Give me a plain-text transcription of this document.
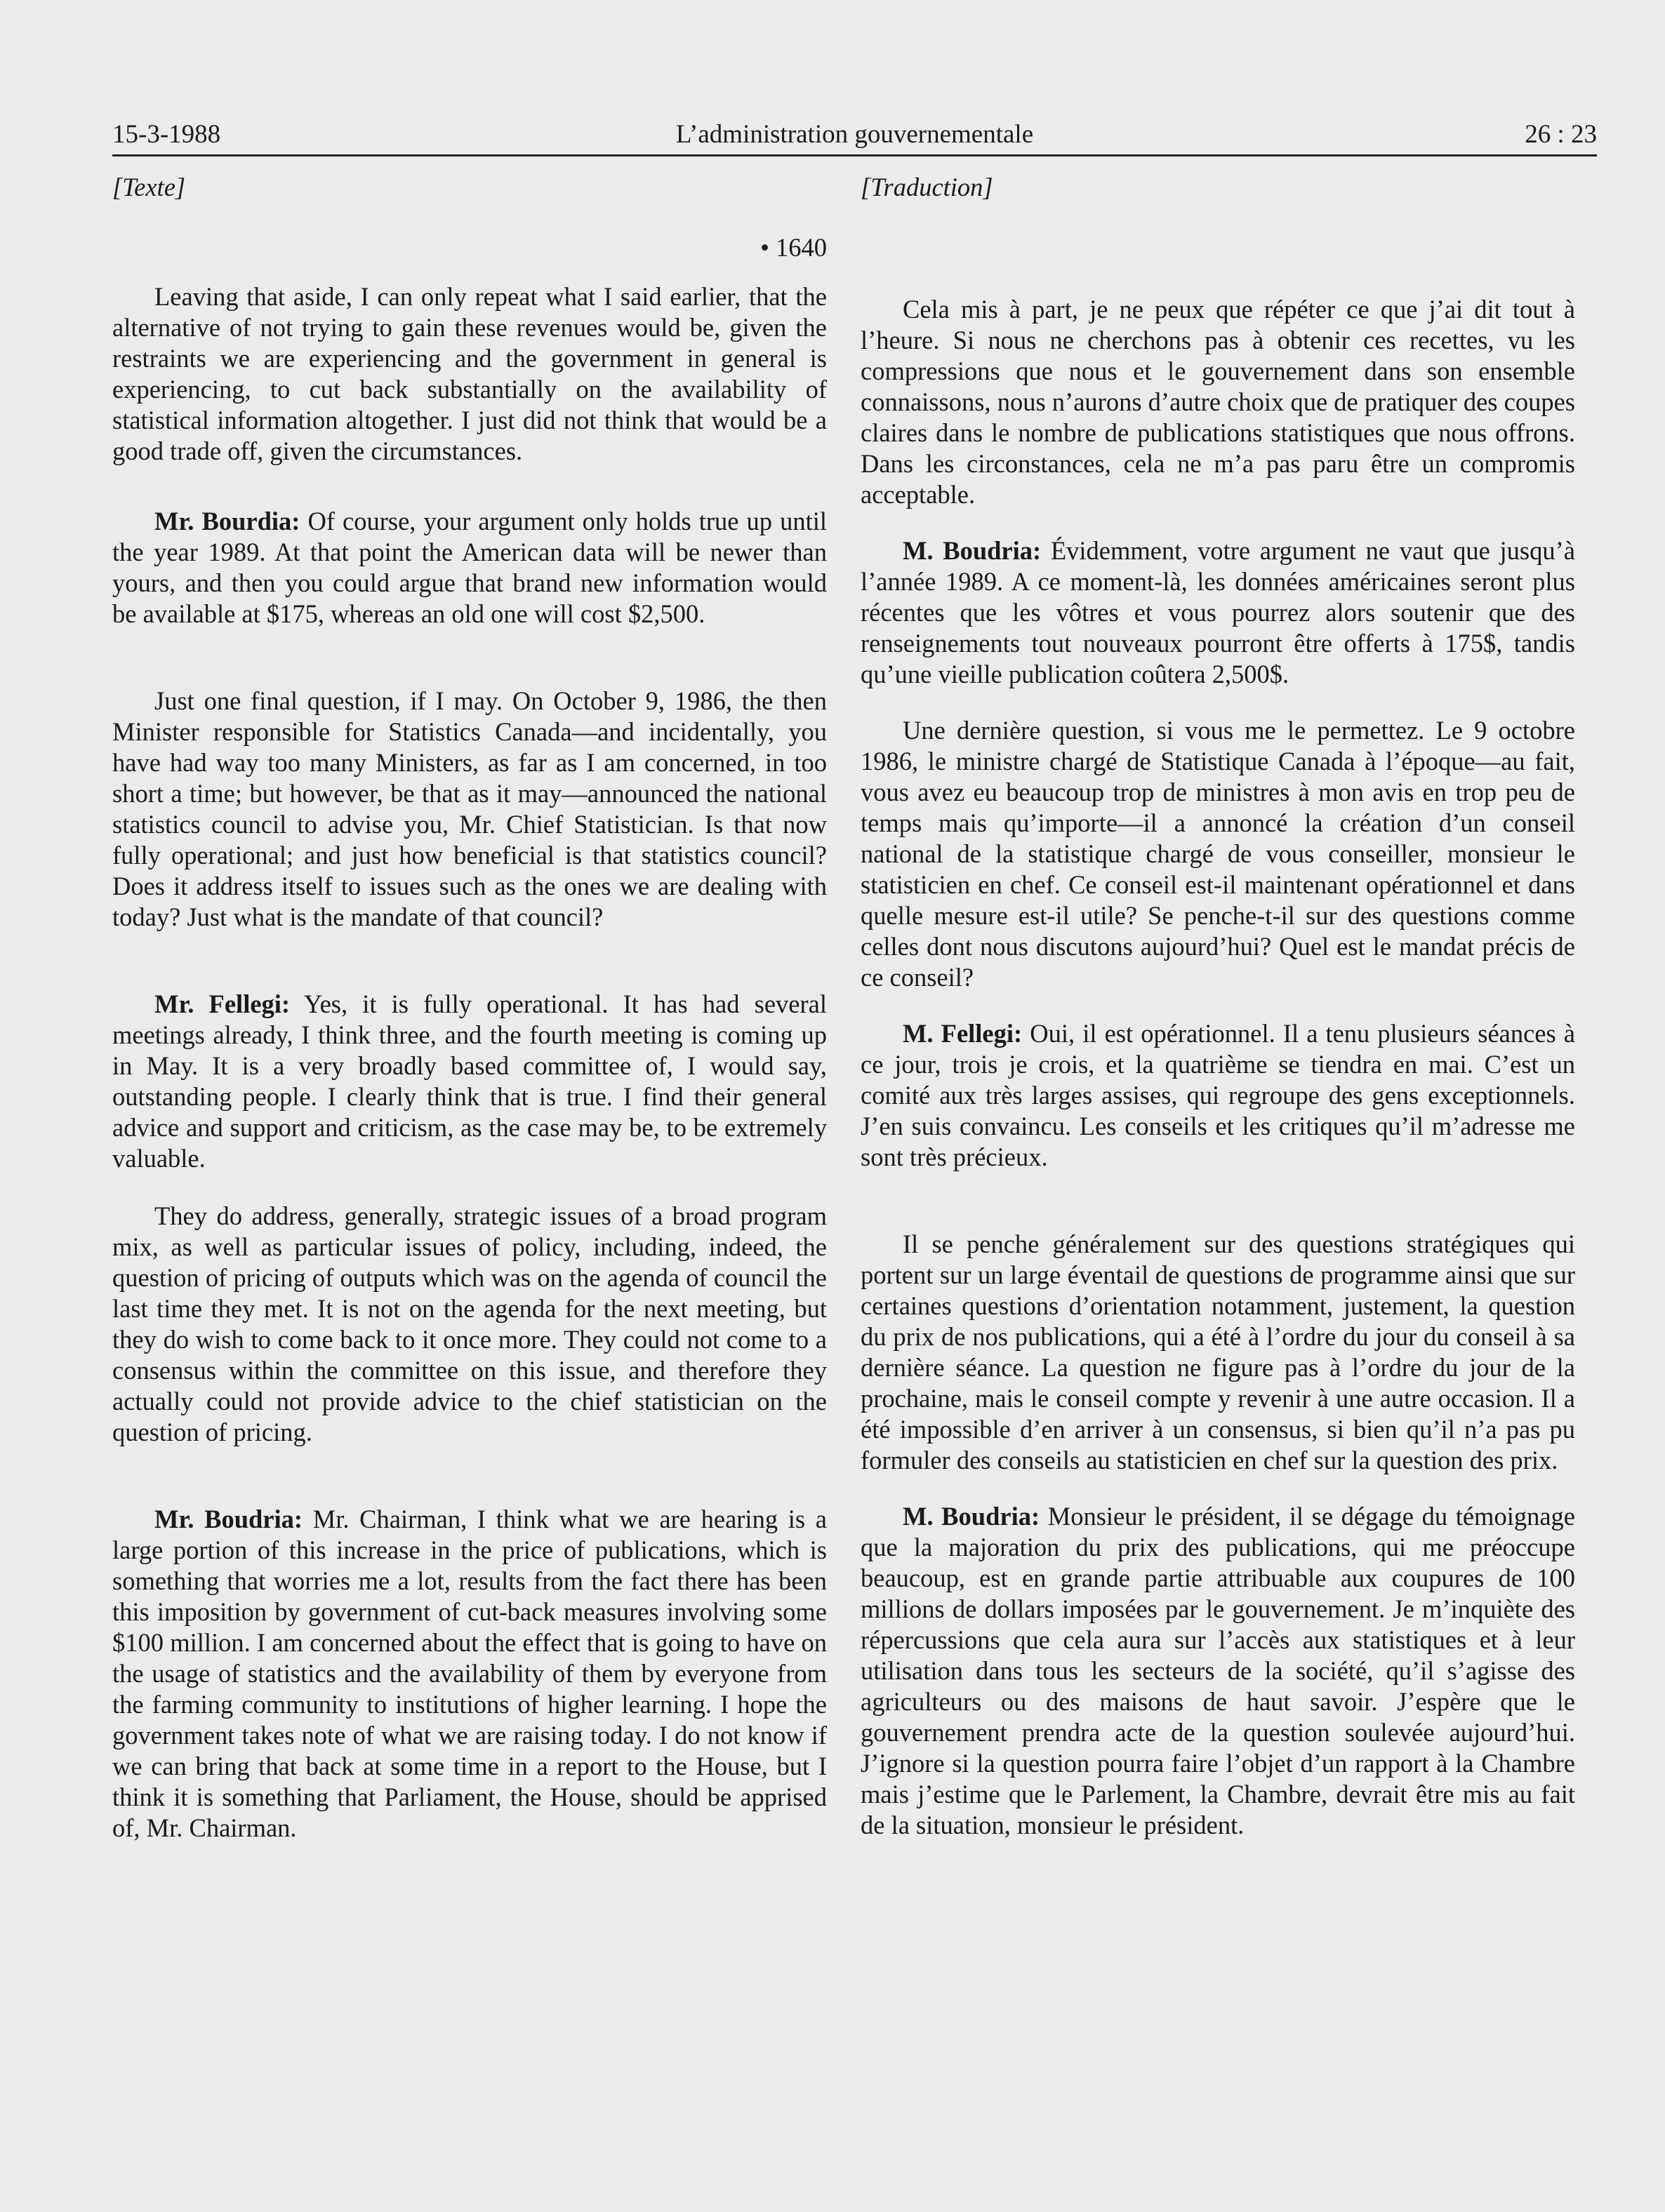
15-3-1988	L’administration gouvernementale	26 : 23

[Texte]

• 1640

Leaving that aside, I can only repeat what I said earlier, that the alternative of not trying to gain these revenues would be, given the restraints we are experiencing and the government in general is experiencing, to cut back substantially on the availability of statistical information altogether. I just did not think that would be a good trade off, given the circumstances.

Mr. Bourdia: Of course, your argument only holds true up until the year 1989. At that point the American data will be newer than yours, and then you could argue that brand new information would be available at $175, whereas an old one will cost $2,500.

Just one final question, if I may. On October 9, 1986, the then Minister responsible for Statistics Canada—and incidentally, you have had way too many Ministers, as far as I am concerned, in too short a time; but however, be that as it may—announced the national statistics council to advise you, Mr. Chief Statistician. Is that now fully operational; and just how beneficial is that statistics council? Does it address itself to issues such as the ones we are dealing with today? Just what is the mandate of that council?

Mr. Fellegi: Yes, it is fully operational. It has had several meetings already, I think three, and the fourth meeting is coming up in May. It is a very broadly based committee of, I would say, outstanding people. I clearly think that is true. I find their general advice and support and criticism, as the case may be, to be extremely valuable.

They do address, generally, strategic issues of a broad program mix, as well as particular issues of policy, including, indeed, the question of pricing of outputs which was on the agenda of council the last time they met. It is not on the agenda for the next meeting, but they do wish to come back to it once more. They could not come to a consensus within the committee on this issue, and therefore they actually could not provide advice to the chief statistician on the question of pricing.

Mr. Boudria: Mr. Chairman, I think what we are hearing is a large portion of this increase in the price of publications, which is something that worries me a lot, results from the fact there has been this imposition by government of cut-back measures involving some $100 million. I am concerned about the effect that is going to have on the usage of statistics and the availability of them by everyone from the farming community to institutions of higher learning. I hope the government takes note of what we are raising today. I do not know if we can bring that back at some time in a report to the House, but I think it is something that Parliament, the House, should be apprised of, Mr. Chairman.

[Traduction]

Cela mis à part, je ne peux que répéter ce que j’ai dit tout à l’heure. Si nous ne cherchons pas à obtenir ces recettes, vu les compressions que nous et le gouvernement dans son ensemble connaissons, nous n’aurons d’autre choix que de pratiquer des coupes claires dans le nombre de publications statistiques que nous offrons. Dans les circonstances, cela ne m’a pas paru être un compromis acceptable.

M. Boudria: Évidemment, votre argument ne vaut que jusqu’à l’année 1989. A ce moment-là, les données américaines seront plus récentes que les vôtres et vous pourrez alors soutenir que des renseignements tout nouveaux pourront être offerts à 175$, tandis qu’une vieille publication coûtera 2,500$.

Une dernière question, si vous me le permettez. Le 9 octobre 1986, le ministre chargé de Statistique Canada à l’époque—au fait, vous avez eu beaucoup trop de ministres à mon avis en trop peu de temps mais qu’importe—il a annoncé la création d’un conseil national de la statistique chargé de vous conseiller, monsieur le statisticien en chef. Ce conseil est-il maintenant opérationnel et dans quelle mesure est-il utile? Se penche-t-il sur des questions comme celles dont nous discutons aujourd’hui? Quel est le mandat précis de ce conseil?

M. Fellegi: Oui, il est opérationnel. Il a tenu plusieurs séances à ce jour, trois je crois, et la quatrième se tiendra en mai. C’est un comité aux très larges assises, qui regroupe des gens exceptionnels. J’en suis convaincu. Les conseils et les critiques qu’il m’adresse me sont très précieux.

Il se penche généralement sur des questions stratégiques qui portent sur un large éventail de questions de programme ainsi que sur certaines questions d’orientation notamment, justement, la question du prix de nos publications, qui a été à l’ordre du jour du conseil à sa dernière séance. La question ne figure pas à l’ordre du jour de la prochaine, mais le conseil compte y revenir à une autre occasion. Il a été impossible d’en arriver à un consensus, si bien qu’il n’a pas pu formuler des conseils au statisticien en chef sur la question des prix.

M. Boudria: Monsieur le président, il se dégage du témoignage que la majoration du prix des publications, qui me préoccupe beaucoup, est en grande partie attribuable aux coupures de 100 millions de dollars imposées par le gouvernement. Je m’inquiète des répercussions que cela aura sur l’accès aux statistiques et à leur utilisation dans tous les secteurs de la société, qu’il s’agisse des agriculteurs ou des maisons de haut savoir. J’espère que le gouvernement prendra acte de la question soulevée aujourd’hui. J’ignore si la question pourra faire l’objet d’un rapport à la Chambre mais j’estime que le Parlement, la Chambre, devrait être mis au fait de la situation, monsieur le président.
